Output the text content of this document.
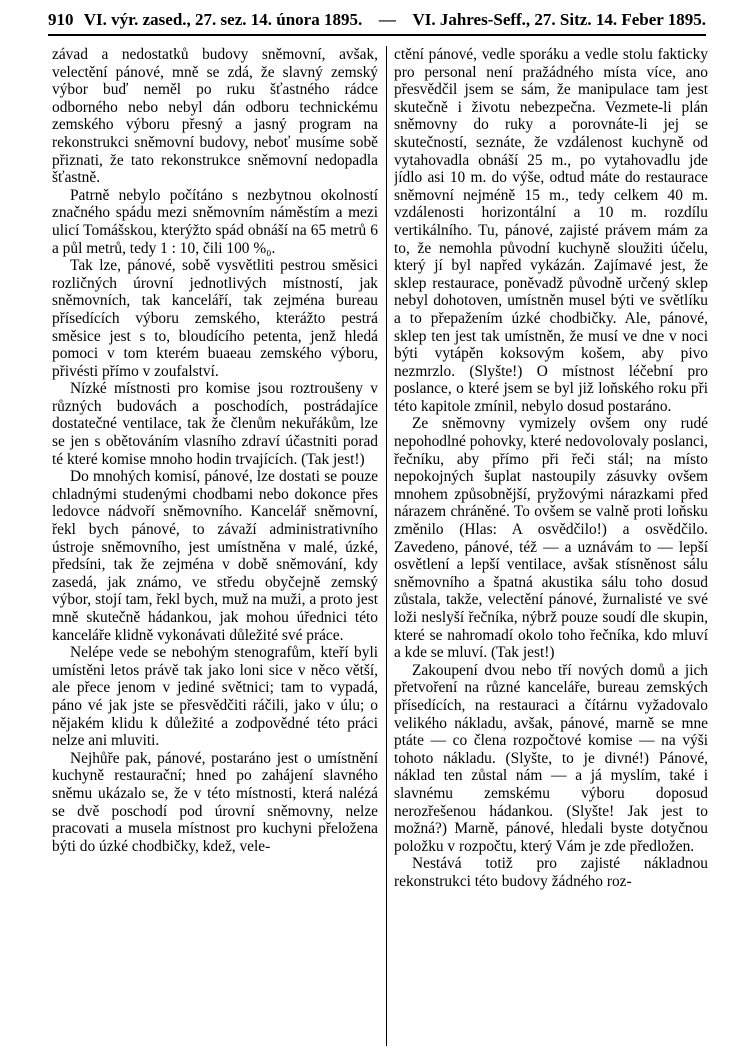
910 VI. výr. zased., 27. sez. 14. února 1895. — VI. Jahres-Seff., 27. Sitz. 14. Feber 1895.

závad a nedostatků budovy sněmovní, avšak, velectění pánové, mně se zdá, že slavný zemský výbor buď neměl po ruku šťastného rádce odborného nebo nebyl dán odboru technickému zemského výboru přesný a jasný program na rekonstrukci sněmovní budovy, neboť musíme sobě přiznati, že tato rekonstrukce sněmovní nedopadla šťastně.

Patrně nebylo počítáno s nezbytnou okolností značného spádu mezi sněmovním náměstím a mezi ulicí Tomášskou, kterýžto spád obnáší na 65 metrů 6 a půl metrů, tedy 1 : 10, čili 100 %₀.

Tak lze, pánové, sobě vysvětliti pestrou směsici rozličných úrovní jednotlivých místností, jak sněmovních, tak kanceláří, tak zejména bureau přísedících výboru zemského, kterážto pestrá směsice jest s to, bloudícího petenta, jenž hledá pomoci v tom kterém buaeau zemského výboru, přivésti přímo v zoufalství.

Nízké místnosti pro komise jsou roztroušeny v různých budovách a poschodích, postrádajíce dostatečné ventilace, tak že členům nekuřákům, lze se jen s obětováním vlasního zdraví účastniti porad té které komise mnoho hodin trvajících. (Tak jest!)

Do mnohých komisí, pánové, lze dostati se pouze chladnými studenými chodbami nebo dokonce přes ledovce nádvoří sněmovního. Kancelář sněmovní, řekl bych pánové, to závaží administrativního ústroje sněmovního, jest umístněna v malé, úzké, předsíni, tak že zejména v době sněmování, kdy zasedá, jak známo, ve středu obyčejně zemský výbor, stojí tam, řekl bych, muž na muži, a proto jest mně skutečně hádankou, jak mohou úřednici této kanceláře klidně vykonávati důležité své práce.

Nelépe vede se nebohým stenografům, kteří byli umístěni letos právě tak jako loni sice v něco větší, ale přece jenom v jediné světnici; tam to vypadá, páno vé jak jste se přesvědčiti ráčili, jako v úlu; o nějakém klidu k důležité a zodpovědné této práci nelze ani mluviti.

Nejhůře pak, pánové, postaráno jest o umístnění kuchyně restaurační; hned po zahájení slavného sněmu ukázalo se, že v této místnosti, která nalézá se dvě poschodí pod úrovní sněmovny, nelze pracovati a musela místnost pro kuchyni přeložena býti do úzké chodbičky, kdež, vele-

ctění pánové, vedle sporáku a vedle stolu fakticky pro personal není pražádného místa více, ano přesvědčil jsem se sám, že manipulace tam jest skutečně i životu nebezpečna. Vezmete-li plán sněmovny do ruky a porovnáte-li jej se skutečností, seznáte, že vzdálenost kuchyně od vytahovadla obnáší 25 m., po vytahovadlu jde jídlo asi 10 m. do výše, odtud máte do restaurace sněmovní nejméně 15 m., tedy celkem 40 m. vzdálenosti horizontální a 10 m. rozdílu vertikálního. Tu, pánové, zajisté právem mám za to, že nemohla původní kuchyně sloužiti účelu, který jí byl napřed vykázán. Zajímavé jest, že sklep restaurace, poněvadž původně určený sklep nebyl dohotoven, umístněn musel býti ve světlíku a to přepažením úzké chodbičky. Ale, pánové, sklep ten jest tak umístněn, že musí ve dne v noci býti vytápěn koksovým košem, aby pivo nezmrzlo. (Slyšte!) O místnost léčební pro poslance, o které jsem se byl již loňského roku při této kapitole zmínil, nebylo dosud postaráno.

Ze sněmovny vymizely ovšem ony rudé nepohodlné pohovky, které nedovolovaly poslanci, řečníku, aby přímo při řeči stál; na místo nepokojných šuplat nastoupily zásuvky ovšem mnohem způsobnější, pryžovými nárazkami před nárazem chráněné. To ovšem se valně proti loňsku změnilo (Hlas: A osvědčilo!) a osvědčilo. Zavedeno, pánové, též — a uznávám to — lepší osvětlení a lepší ventilace, avšak stísněnost sálu sněmovního a špatná akustika sálu toho dosud zůstala, takže, velectění pánové, žurnalisté ve své loži neslyší řečníka, nýbrž pouze soudí dle skupin, které se nahromadí okolo toho řečníka, kdo mluví a kde se mluví. (Tak jest!)

Zakoupení dvou nebo tří nových domů a jich přetvoření na různé kanceláře, bureau zemských přísedících, na restauraci a čítárnu vyžadovalo velikého nákladu, avšak, pánové, marně se mne ptáte — co člena rozpočtové komise — na výši tohoto nákladu. (Slyšte, to je divné!) Pánové, náklad ten zůstal nám — a já myslím, také i slavnému zemskému výboru doposud nerozřešenou hádankou. (Slyšte! Jak jest to možná?) Marně, pánové, hledali byste dotyčnou položku v rozpočtu, který Vám je zde předložen.

Nestává totiž pro zajisté nákladnou rekonstrukci této budovy žádného roz-
